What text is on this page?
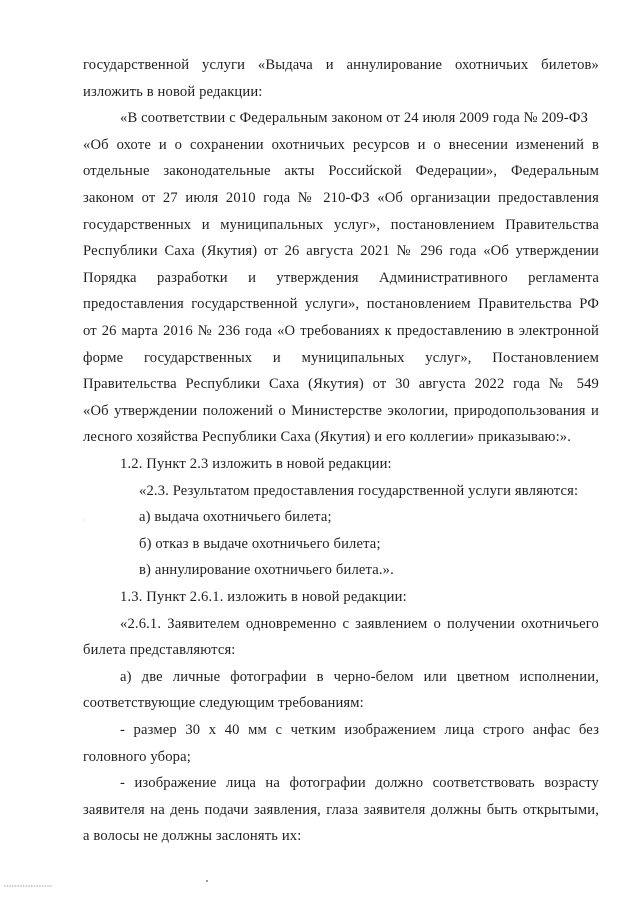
государственной услуги «Выдача и аннулирование охотничьих билетов»
изложить в новой редакции:
«В соответствии с Федеральным законом от 24 июля 2009 года № 209-ФЗ
«Об охоте и о сохранении охотничьих ресурсов и о внесении изменений в
отдельные законодательные акты Российской Федерации», Федеральным
законом от 27 июля 2010 года № 210-ФЗ «Об организации предоставления
государственных и муниципальных услуг», постановлением Правительства
Республики Саха (Якутия) от 26 августа 2021 № 296 года «Об утверждении
Порядка разработки и утверждения Административного регламента
предоставления государственной услуги», постановлением Правительства РФ
от 26 марта 2016 № 236 года «О требованиях к предоставлению в электронной
форме государственных и муниципальных услуг», Постановлением
Правительства Республики Саха (Якутия) от 30 августа 2022 года № 549
«Об утверждении положений о Министерстве экологии, природопользования и
лесного хозяйства Республики Саха (Якутия) и его коллегии» приказываю:».
1.2. Пункт 2.3 изложить в новой редакции:
«2.3. Результатом предоставления государственной услуги являются:
а) выдача охотничьего билета;
б) отказ в выдаче охотничьего билета;
в) аннулирование охотничьего билета.».
1.3. Пункт 2.6.1. изложить в новой редакции:
«2.6.1. Заявителем одновременно с заявлением о получении охотничьего
билета представляются:
а) две личные фотографии в черно-белом или цветном исполнении,
соответствующие следующим требованиям:
- размер 30 х 40 мм с четким изображением лица строго анфас без
головного убора;
- изображение лица на фотографии должно соответствовать возрасту
заявителя на день подачи заявления, глаза заявителя должны быть открытыми,
а волосы не должны заслонять их:
